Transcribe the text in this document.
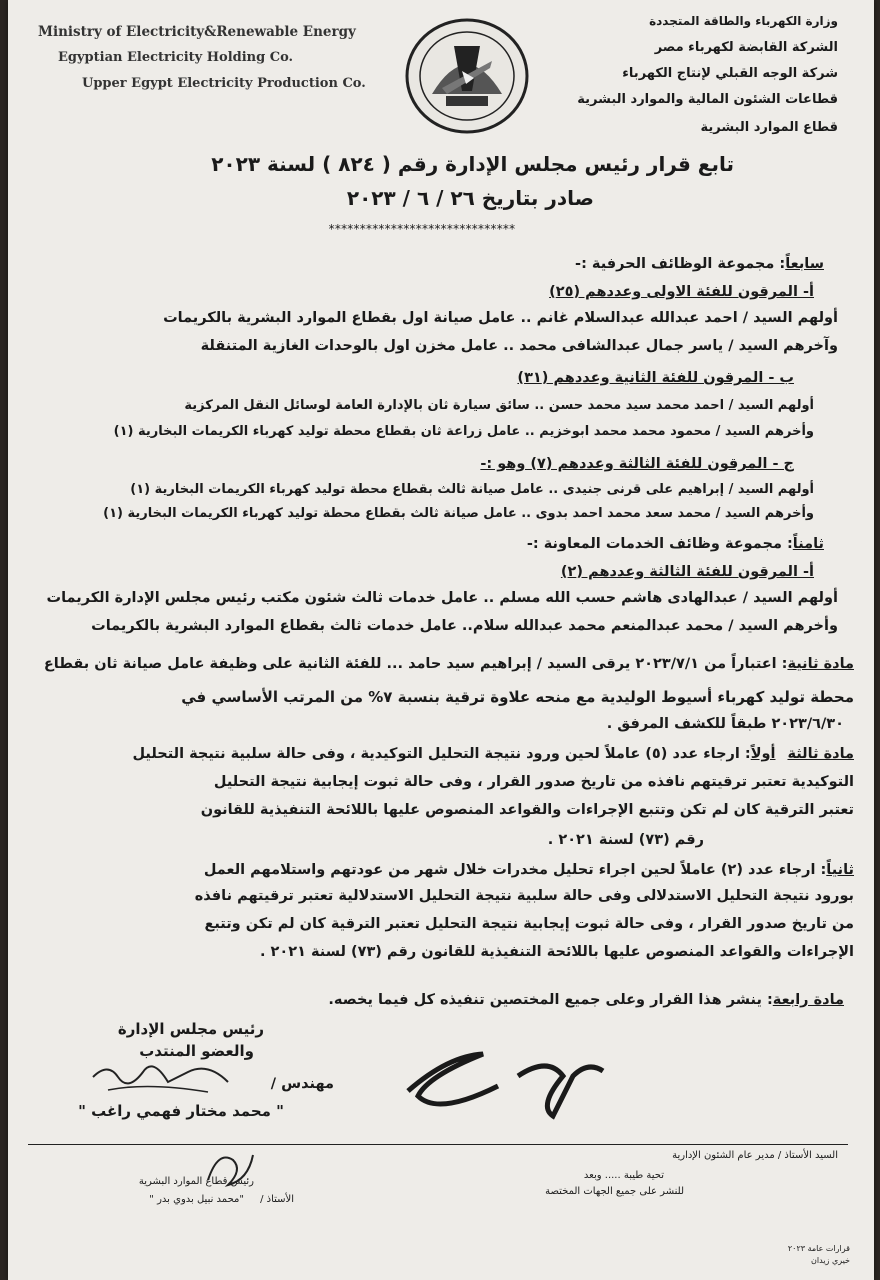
Ministry of Electricity&Renewable Energy
Egyptian Electricity Holding Co.
Upper Egypt Electricity Production Co.
وزارة الكهرباء والطاقة المتجددة
الشركة القابضة لكهرباء مصر
شركة الوجه القبلي لإنتاج الكهرباء
قطاعات الشئون المالية والموارد البشرية
قطاع الموارد البشرية
تابع قرار رئيس مجلس الإدارة رقم ( ٨٢٤ ) لسنة ٢٠٢٣
صادر بتاريخ ٢٦ / ٦ / ٢٠٢٣
******************************
سابعاً: مجموعة الوظائف الحرفية :-
أ- المرقون للفئة الاولى وعددهم (٢٥)
أولهم السيد / احمد عبدالله عبدالسلام غانم .. عامل صيانة اول بقطاع الموارد البشرية بالكريمات
وآخرهم السيد / ياسر جمال عبدالشافى محمد .. عامل مخزن اول بالوحدات الغازية المتنقلة
ب - المرقون للفئة الثانية وعددهم (٣١)
أولهم السيد / احمد محمد سيد محمد حسن .. سائق سيارة ثان بالإدارة العامة لوسائل النقل المركزية
وأخرهم السيد / محمود محمد محمد ابوخزيم .. عامل زراعة ثان بقطاع محطة توليد كهرباء الكريمات البخارية (١)
ج - المرقون للفئة الثالثة وعددهم (٧) وهو :-
أولهم السيد / إبراهيم على قرنى جنيدى .. عامل صيانة ثالث بقطاع محطة توليد كهرباء الكريمات البخارية (١)
وأخرهم السيد / محمد سعد محمد احمد بدوى .. عامل صيانة ثالث بقطاع محطة توليد كهرباء الكريمات البخارية (١)
ثامناً: مجموعة وظائف الخدمات المعاونة :-
أ- المرقون للفئة الثالثة وعددهم (٢)
أولهم السيد / عبدالهادى هاشم حسب الله مسلم .. عامل خدمات ثالث شئون مكتب رئيس مجلس الإدارة الكريمات
وأخرهم السيد / محمد عبدالمنعم محمد عبدالله سلام.. عامل خدمات ثالث بقطاع الموارد البشرية بالكريمات
مادة ثانية: اعتباراً من ٢٠٢٣/٧/١ يرقى السيد / إبراهيم سيد حامد ... للفئة الثانية على وظيفة عامل صيانة ثان بقطاع
محطة توليد كهرباء أسيوط الوليدية مع منحه علاوة ترقية بنسبة ٧% من المرتب الأساسي في
٢٠٢٣/٦/٣٠ طبقاً للكشف المرفق .
مادة ثالثةأولاً: ارجاء عدد (٥) عاملاً لحين ورود نتيجة التحليل التوكيدية ، وفى حالة سلبية نتيجة التحليل
التوكيدية تعتبر ترقيتهم نافذه من تاريخ صدور القرار ، وفى حالة ثبوت إيجابية نتيجة التحليل
تعتبر الترقية كان لم تكن وتتبع الإجراءات والقواعد المنصوص عليها باللائحة التنفيذية للقانون
رقم (٧٣) لسنة ٢٠٢١ .
ثانياً: ارجاء عدد (٢) عاملاً لحين اجراء تحليل مخدرات خلال شهر من عودتهم واستلامهم العمل
بورود نتيجة التحليل الاستدلالى وفى حالة سلبية نتيجة التحليل الاستدلالية تعتبر ترقيتهم نافذه
من تاريخ صدور القرار ، وفى حالة ثبوت إيجابية نتيجة التحليل تعتبر الترقية كان لم تكن وتتبع
الإجراءات والقواعد المنصوص عليها باللائحة التنفيذية للقانون رقم (٧٣) لسنة ٢٠٢١ .
مادة رابعة: ينشر هذا القرار وعلى جميع المختصين تنفيذه كل فيما يخصه.
رئيس مجلس الإدارة
والعضو المنتدب
مهندس /
" محمد مختار فهمي راغب "
السيد الأستاذ / مدير عام الشئون الإدارية
تحية طيبة ..... وبعد
للنشر على جميع الجهات المختصة
رئيس قطاع الموارد البشرية
الأستاذ /
"محمد نبيل بدوي بدر "
قرارات عامة ٢٠٢٣
خيري زيدان
